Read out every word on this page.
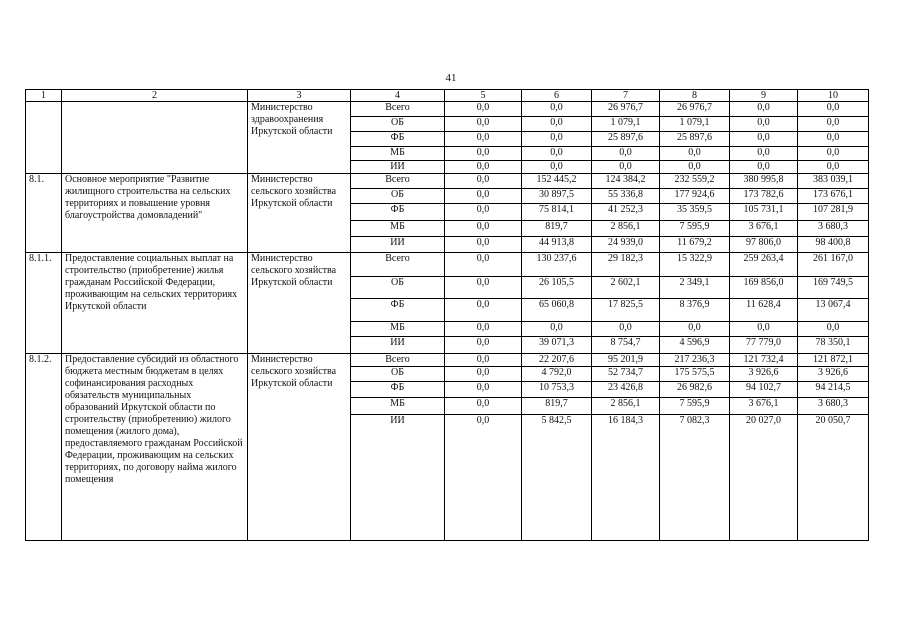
41
1	2	3	4	5	6	7	8	9	10
		Министерство здравоохранения Иркутской области	Всего	0,0	0,0	26 976,7	26 976,7	0,0	0,0
			ОБ	0,0	0,0	1 079,1	1 079,1	0,0	0,0
			ФБ	0,0	0,0	25 897,6	25 897,6	0,0	0,0
			МБ	0,0	0,0	0,0	0,0	0,0	0,0
			ИИ	0,0	0,0	0,0	0,0	0,0	0,0
8.1.	Основное мероприятие "Развитие жилищного строительства на сельских территориях и повышение уровня благоустройства домовладений"	Министерство сельского хозяйства Иркутской области	Всего	0,0	152 445,2	124 384,2	232 559,2	380 995,8	383 039,1
			ОБ	0,0	30 897,5	55 336,8	177 924,6	173 782,6	173 676,1
			ФБ	0,0	75 814,1	41 252,3	35 359,5	105 731,1	107 281,9
			МБ	0,0	819,7	2 856,1	7 595,9	3 676,1	3 680,3
			ИИ	0,0	44 913,8	24 939,0	11 679,2	97 806,0	98 400,8
8.1.1.	Предоставление социальных выплат на строительство (приобретение) жилья гражданам Российской Федерации, проживающим на сельских территориях Иркутской области	Министерство сельского хозяйства Иркутской области	Всего	0,0	130 237,6	29 182,3	15 322,9	259 263,4	261 167,0
			ОБ	0,0	26 105,5	2 602,1	2 349,1	169 856,0	169 749,5
			ФБ	0,0	65 060,8	17 825,5	8 376,9	11 628,4	13 067,4
			МБ	0,0	0,0	0,0	0,0	0,0	0,0
			ИИ	0,0	39 071,3	8 754,7	4 596,9	77 779,0	78 350,1
8.1.2.	Предоставление субсидий из областного бюджета местным бюджетам в целях софинансирования расходных обязательств муниципальных образований Иркутской области по строительству (приобретению) жилого помещения (жилого дома), предоставляемого гражданам Российской Федерации, проживающим на сельских территориях, по договору найма жилого помещения	Министерство сельского хозяйства Иркутской области	Всего	0,0	22 207,6	95 201,9	217 236,3	121 732,4	121 872,1
			ОБ	0,0	4 792,0	52 734,7	175 575,5	3 926,6	3 926,6
			ФБ	0,0	10 753,3	23 426,8	26 982,6	94 102,7	94 214,5
			МБ	0,0	819,7	2 856,1	7 595,9	3 676,1	3 680,3
			ИИ	0,0	5 842,5	16 184,3	7 082,3	20 027,0	20 050,7
